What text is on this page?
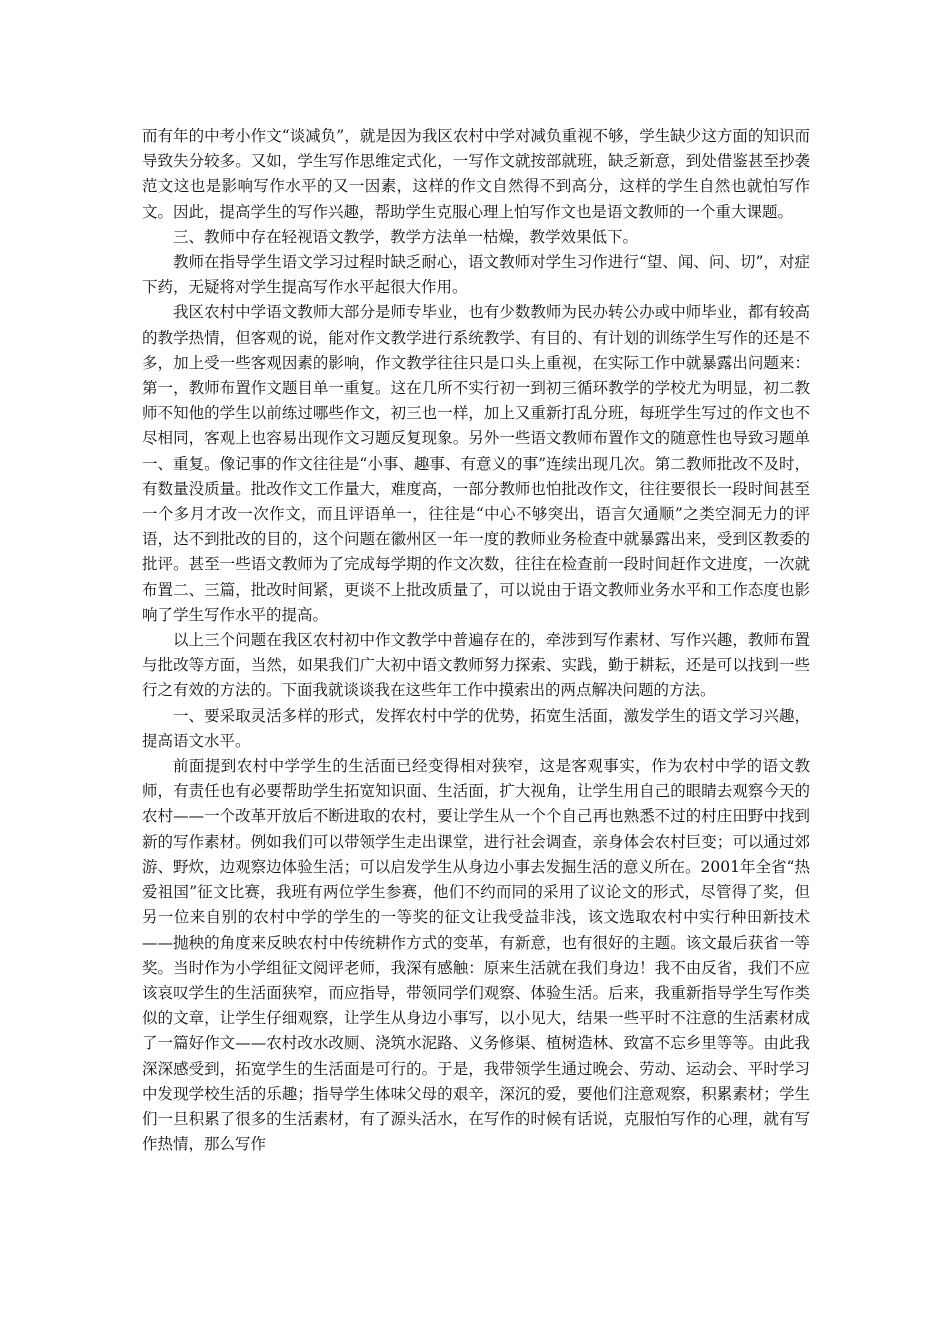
而有年的中考小作文“谈减负”，就是因为我区农村中学对减负重视不够，学生缺少这方面的知识而导致失分较多。又如，学生写作思维定式化，一写作文就按部就班，缺乏新意，到处借鉴甚至抄袭范文这也是影响写作水平的又一因素，这样的作文自然得不到高分，这样的学生自然也就怕写作文。因此，提高学生的写作兴趣，帮助学生克服心理上怕写作文也是语文教师的一个重大课题。

三、教师中存在轻视语文教学，教学方法单一枯燥，教学效果低下。

教师在指导学生语文学习过程时缺乏耐心，语文教师对学生习作进行“望、闻、问、切”，对症下药，无疑将对学生提高写作水平起很大作用。

我区农村中学语文教师大部分是师专毕业，也有少数教师为民办转公办或中师毕业，都有较高的教学热情，但客观的说，能对作文教学进行系统教学、有目的、有计划的训练学生写作的还是不多，加上受一些客观因素的影响，作文教学往往只是口头上重视，在实际工作中就暴露出问题来：第一，教师布置作文题目单一重复。这在几所不实行初一到初三循环教学的学校尤为明显，初二教师不知他的学生以前练过哪些作文，初三也一样，加上又重新打乱分班，每班学生写过的作文也不尽相同，客观上也容易出现作文习题反复现象。另外一些语文教师布置作文的随意性也导致习题单一、重复。像记事的作文往往是“小事、趣事、有意义的事”连续出现几次。第二教师批改不及时，有数量没质量。批改作文工作量大，难度高，一部分教师也怕批改作文，往往要很长一段时间甚至一个多月才改一次作文，而且评语单一，往往是“中心不够突出，语言欠通顺”之类空洞无力的评语，达不到批改的目的，这个问题在徽州区一年一度的教师业务检查中就暴露出来，受到区教委的批评。甚至一些语文教师为了完成每学期的作文次数，往往在检查前一段时间赶作文进度，一次就布置二、三篇，批改时间紧，更谈不上批改质量了，可以说由于语文教师业务水平和工作态度也影响了学生写作水平的提高。

以上三个问题在我区农村初中作文教学中普遍存在的，牵涉到写作素材、写作兴趣，教师布置与批改等方面，当然，如果我们广大初中语文教师努力探索、实践，勤于耕耘，还是可以找到一些行之有效的方法的。下面我就谈谈我在这些年工作中摸索出的两点解决问题的方法。

一、要采取灵活多样的形式，发挥农村中学的优势，拓宽生活面，激发学生的语文学习兴趣，提高语文水平。

前面提到农村中学学生的生活面已经变得相对狭窄，这是客观事实，作为农村中学的语文教师，有责任也有必要帮助学生拓宽知识面、生活面，扩大视角，让学生用自己的眼睛去观察今天的农村——一个改革开放后不断进取的农村，要让学生从一个个自己再也熟悉不过的村庄田野中找到新的写作素材。例如我们可以带领学生走出课堂，进行社会调查，亲身体会农村巨变；可以通过郊游、野炊，边观察边体验生活；可以启发学生从身边小事去发掘生活的意义所在。2001年全省“热爱祖国”征文比赛，我班有两位学生参赛，他们不约而同的采用了议论文的形式，尽管得了奖，但另一位来自别的农村中学的学生的一等奖的征文让我受益非浅，该文选取农村中实行种田新技术——抛秧的角度来反映农村中传统耕作方式的变革，有新意，也有很好的主题。该文最后获省一等奖。当时作为小学组征文阅评老师，我深有感触：原来生活就在我们身边！我不由反省，我们不应该哀叹学生的生活面狭窄，而应指导，带领同学们观察、体验生活。后来，我重新指导学生写作类似的文章，让学生仔细观察，让学生从身边小事写，以小见大，结果一些平时不注意的生活素材成了一篇好作文——农村改水改厕、浇筑水泥路、义务修渠、植树造林、致富不忘乡里等等。由此我深深感受到，拓宽学生的生活面是可行的。于是，我带领学生通过晚会、劳动、运动会、平时学习中发现学校生活的乐趣；指导学生体味父母的艰辛，深沉的爱，要他们注意观察，积累素材；学生们一旦积累了很多的生活素材，有了源头活水，在写作的时候有话说，克服怕写作的心理，就有写作热情，那么写作
